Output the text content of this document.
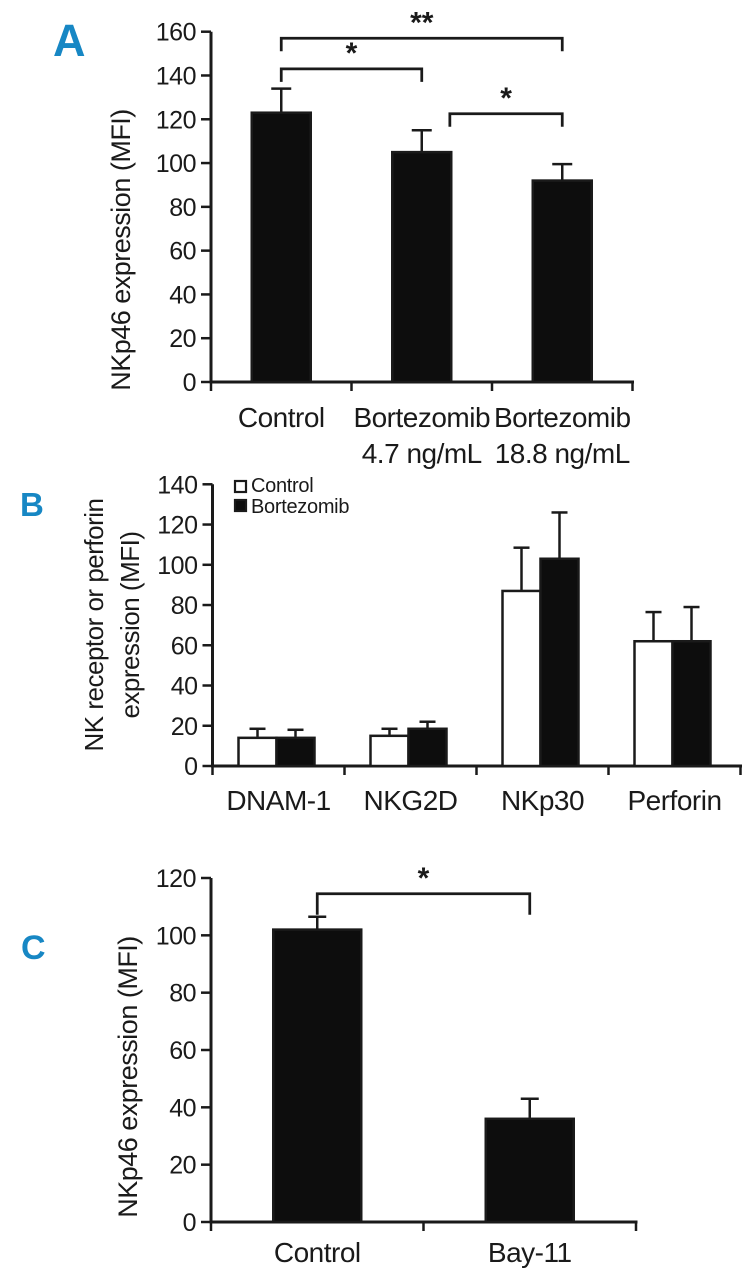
A
B
C
0
20
40
60
80
100
120
140
160
NKp46 expression (MFI)
Control Bortezomib
4.7 ng/mL
Bortezomib
18.8 ng/mL
*
**
*
0
20
40
60
80
100
120
140
NK receptor or perforin expression (MFI)
DNAM-1 NKG2D NKp30 Perforin
Control
Bortezomib
0
20
40
60
80
100
120
NKp46 expression (MFI)
Control	Bay-11
*
